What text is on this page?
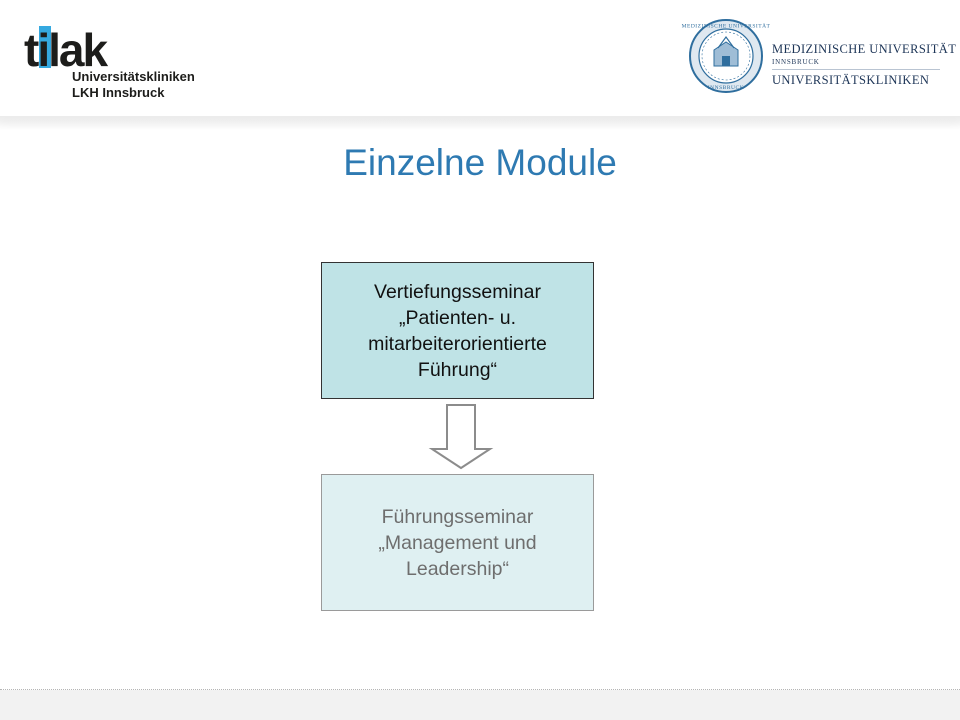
tilak
Universitätskliniken
LKH Innsbruck
MEDIZINISCHE UNIVERSITÄT
INNSBRUCK
MEDIZINISCHE UNIVERSITÄT
INNSBRUCK
UNIVERSITÄTSKLINIKEN
Einzelne Module
Vertiefungsseminar
„Patienten- u.
mitarbeiterorientierte
Führung“
Führungsseminar
„Management und
Leadership“
